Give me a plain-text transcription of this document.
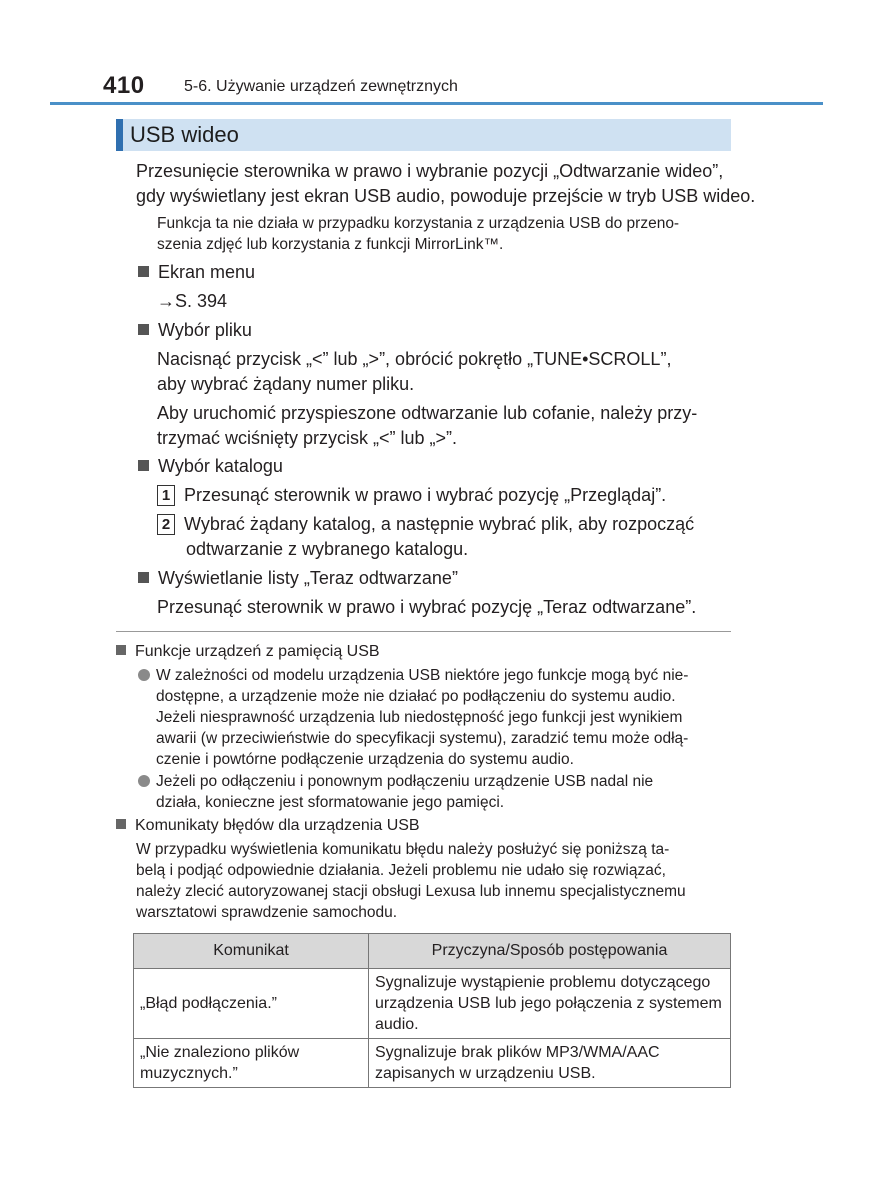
410 5-6. Używanie urządzeń zewnętrznych
USB wideo
Przesunięcie sterownika w prawo i wybranie pozycji „Odtwarzanie wideo”,
gdy wyświetlany jest ekran USB audio, powoduje przejście w tryb USB wideo.
Funkcja ta nie działa w przypadku korzystania z urządzenia USB do przeno-
szenia zdjęć lub korzystania z funkcji MirrorLink™.
Ekran menu
→S. 394
Wybór pliku
Nacisnąć przycisk „<” lub „>”, obrócić pokrętło „TUNE•SCROLL”,
aby wybrać żądany numer pliku.
Aby uruchomić przyspieszone odtwarzanie lub cofanie, należy przy-
trzymać wciśnięty przycisk „<” lub „>”.
Wybór katalogu
1 Przesunąć sterownik w prawo i wybrać pozycję „Przeglądaj”.
2 Wybrać żądany katalog, a następnie wybrać plik, aby rozpocząć
odtwarzanie z wybranego katalogu.
Wyświetlanie listy „Teraz odtwarzane”
Przesunąć sterownik w prawo i wybrać pozycję „Teraz odtwarzane”.
Funkcje urządzeń z pamięcią USB
W zależności od modelu urządzenia USB niektóre jego funkcje mogą być nie-
dostępne, a urządzenie może nie działać po podłączeniu do systemu audio.
Jeżeli niesprawność urządzenia lub niedostępność jego funkcji jest wynikiem
awarii (w przeciwieństwie do specyfikacji systemu), zaradzić temu może odłą-
czenie i powtórne podłączenie urządzenia do systemu audio.
Jeżeli po odłączeniu i ponownym podłączeniu urządzenie USB nadal nie
działa, konieczne jest sformatowanie jego pamięci.
Komunikaty błędów dla urządzenia USB
W przypadku wyświetlenia komunikatu błędu należy posłużyć się poniższą ta-
belą i podjąć odpowiednie działania. Jeżeli problemu nie udało się rozwiązać,
należy zlecić autoryzowanej stacji obsługi Lexusa lub innemu specjalistycznemu
warsztatowi sprawdzenie samochodu.
Komunikat	Przyczyna/Sposób postępowania
„Błąd podłączenia.”	Sygnalizuje wystąpienie problemu dotyczącego urządzenia USB lub jego połączenia z systemem audio.
„Nie znaleziono plików muzycznych.”	Sygnalizuje brak plików MP3/WMA/AAC zapisanych w urządzeniu USB.
